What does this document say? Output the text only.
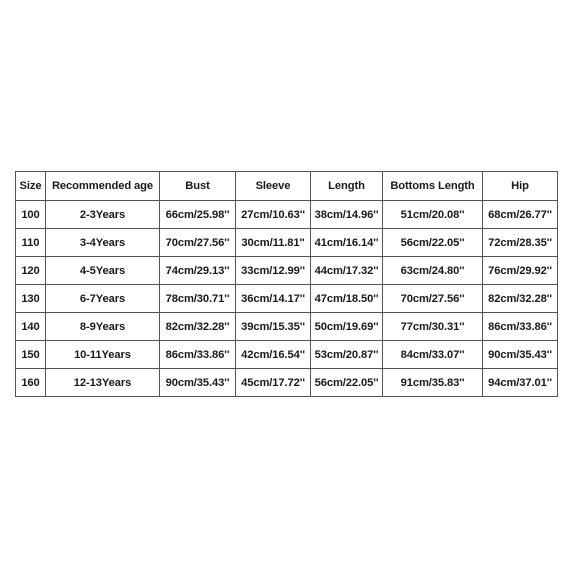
Size	Recommended age	Bust	Sleeve	Length	Bottoms Length	Hip
100	2-3Years	66cm/25.98''	27cm/10.63''	38cm/14.96''	51cm/20.08''	68cm/26.77''
110	3-4Years	70cm/27.56''	30cm/11.81''	41cm/16.14''	56cm/22.05''	72cm/28.35''
120	4-5Years	74cm/29.13''	33cm/12.99''	44cm/17.32''	63cm/24.80''	76cm/29.92''
130	6-7Years	78cm/30.71''	36cm/14.17''	47cm/18.50''	70cm/27.56''	82cm/32.28''
140	8-9Years	82cm/32.28''	39cm/15.35''	50cm/19.69''	77cm/30.31''	86cm/33.86''
150	10-11Years	86cm/33.86''	42cm/16.54''	53cm/20.87''	84cm/33.07''	90cm/35.43''
160	12-13Years	90cm/35.43''	45cm/17.72''	56cm/22.05''	91cm/35.83''	94cm/37.01''
